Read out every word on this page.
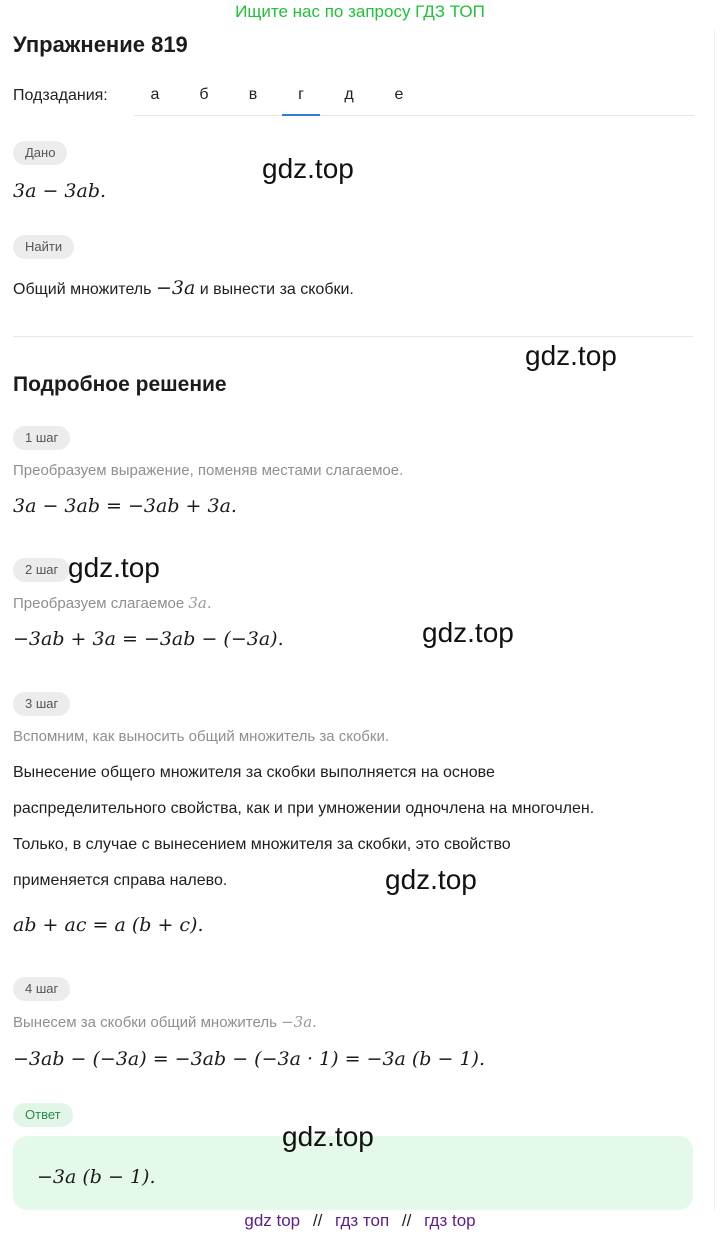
Ищите нас по запросу ГДЗ ТОП
Упражнение 819
Подзадания:	а	б	в	г	д	е
Дано
3a − 3ab.
Найти
Общий множитель −3a и вынести за скобки.
Подробное решение
1 шаг
Преобразуем выражение, поменяв местами слагаемое.
3a − 3ab = −3ab + 3a.
2 шаг
Преобразуем слагаемое 3a.
−3ab + 3a = −3ab − (−3a).
3 шаг
Вспомним, как выносить общий множитель за скобки.
Вынесение общего множителя за скобки выполняется на основе
распределительного свойства, как и при умножении одночлена на многочлен.
Только, в случае с вынесением множителя за скобки, это свойство
применяется справа налево.
ab + ac = a (b + c).
4 шаг
Вынесем за скобки общий множитель −3a.
−3ab − (−3a) = −3ab − (−3a · 1) = −3a (b − 1).
Ответ
−3a (b − 1).
gdz.top
gdz.top
gdz.top
gdz.top
gdz.top
gdz.top
gdz top // гдз топ // гдз top
